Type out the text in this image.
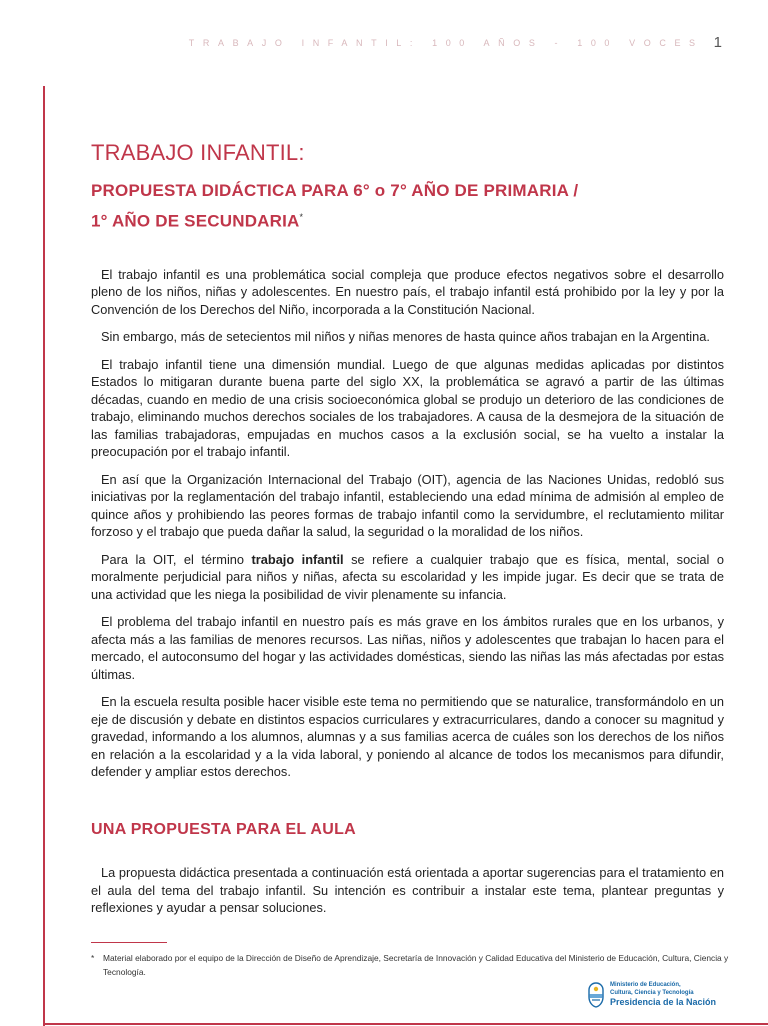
TRABAJO INFANTIL: 100 AÑOS - 100 VOCES 1
TRABAJO INFANTIL:
PROPUESTA DIDÁCTICA PARA 6° o 7° AÑO DE PRIMARIA /
1° AÑO DE SECUNDARIA*

El trabajo infantil es una problemática social compleja que produce efectos negativos sobre el desarrollo pleno de los niños, niñas y adolescentes. En nuestro país, el trabajo infantil está prohibido por la ley y por la Convención de los Derechos del Niño, incorporada a la Constitución Nacional.

Sin embargo, más de setecientos mil niños y niñas menores de hasta quince años trabajan en la Argentina.

El trabajo infantil tiene una dimensión mundial. Luego de que algunas medidas aplicadas por distintos Estados lo mitigaran durante buena parte del siglo XX, la problemática se agravó a partir de las últimas décadas, cuando en medio de una crisis socioeconómica global se produjo un deterioro de las condiciones de trabajo, eliminando muchos derechos sociales de los trabajadores. A causa de la desmejora de la situación de las familias trabajadoras, empujadas en muchos casos a la exclusión social, se ha vuelto a instalar la preocupación por el trabajo infantil.

En así que la Organización Internacional del Trabajo (OIT), agencia de las Naciones Unidas, redobló sus iniciativas por la reglamentación del trabajo infantil, estableciendo una edad mínima de admisión al empleo de quince años y prohibiendo las peores formas de trabajo infantil como la servidumbre, el reclutamiento militar forzoso y el trabajo que pueda dañar la salud, la seguridad o la moralidad de los niños.

Para la OIT, el término trabajo infantil se refiere a cualquier trabajo que es física, mental, social o moralmente perjudicial para niños y niñas, afecta su escolaridad y les impide jugar. Es decir que se trata de una actividad que les niega la posibilidad de vivir plenamente su infancia.

El problema del trabajo infantil en nuestro país es más grave en los ámbitos rurales que en los urbanos, y afecta más a las familias de menores recursos. Las niñas, niños y adolescentes que trabajan lo hacen para el mercado, el autoconsumo del hogar y las actividades domésticas, siendo las niñas las más afectadas por estas últimas.

En la escuela resulta posible hacer visible este tema no permitiendo que se naturalice, transformándolo en un eje de discusión y debate en distintos espacios curriculares y extracurriculares, dando a conocer su magnitud y gravedad, informando a los alumnos, alumnas y a sus familias acerca de cuáles son los derechos de los niños en relación a la escolaridad y a la vida laboral, y poniendo al alcance de todos los mecanismos para difundir, defender y ampliar estos derechos.

UNA PROPUESTA PARA EL AULA

La propuesta didáctica presentada a continuación está orientada a aportar sugerencias para el tratamiento en el aula del tema del trabajo infantil. Su intención es contribuir a instalar este tema, plantear preguntas y reflexiones y ayudar a pensar soluciones.

*	Material elaborado por el equipo de la Dirección de Diseño de Aprendizaje, Secretaría de Innovación y Calidad Educativa del Ministerio de Educación, Cultura, Ciencia y Tecnología.
Ministerio de Educación,
Cultura, Ciencia y Tecnología
Presidencia de la Nación
